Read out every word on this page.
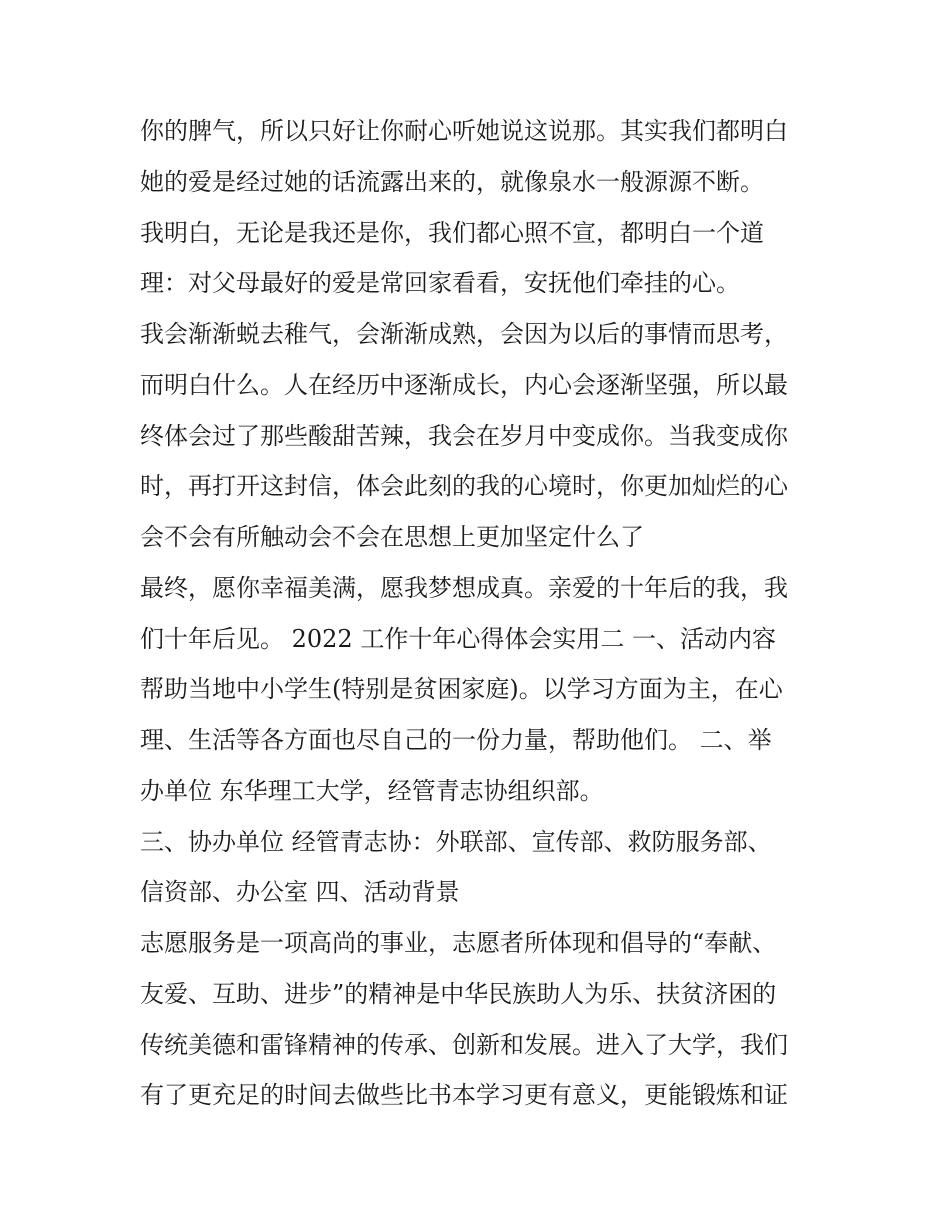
你的脾气，所以只好让你耐心听她说这说那。其实我们都明白
她的爱是经过她的话流露出来的，就像泉水一般源源不断。
我明白，无论是我还是你，我们都心照不宣，都明白一个道
理：对父母最好的爱是常回家看看，安抚他们牵挂的心。
我会渐渐蜕去稚气，会渐渐成熟，会因为以后的事情而思考，
而明白什么。人在经历中逐渐成长，内心会逐渐坚强，所以最
终体会过了那些酸甜苦辣，我会在岁月中变成你。当我变成你
时，再打开这封信，体会此刻的我的心境时，你更加灿烂的心
会不会有所触动会不会在思想上更加坚定什么了
最终，愿你幸福美满，愿我梦想成真。亲爱的十年后的我，我
们十年后见。 2022 工作十年心得体会实用二 一、活动内容
帮助当地中小学生(特别是贫困家庭)。以学习方面为主，在心
理、生活等各方面也尽自己的一份力量，帮助他们。 二、举
办单位 东华理工大学，经管青志协组织部。
三、协办单位 经管青志协：外联部、宣传部、救防服务部、
信资部、办公室 四、活动背景
志愿服务是一项高尚的事业，志愿者所体现和倡导的“奉献、
友爱、互助、进步”的精神是中华民族助人为乐、扶贫济困的
传统美德和雷锋精神的传承、创新和发展。进入了大学，我们
有了更充足的时间去做些比书本学习更有意义，更能锻炼和证
